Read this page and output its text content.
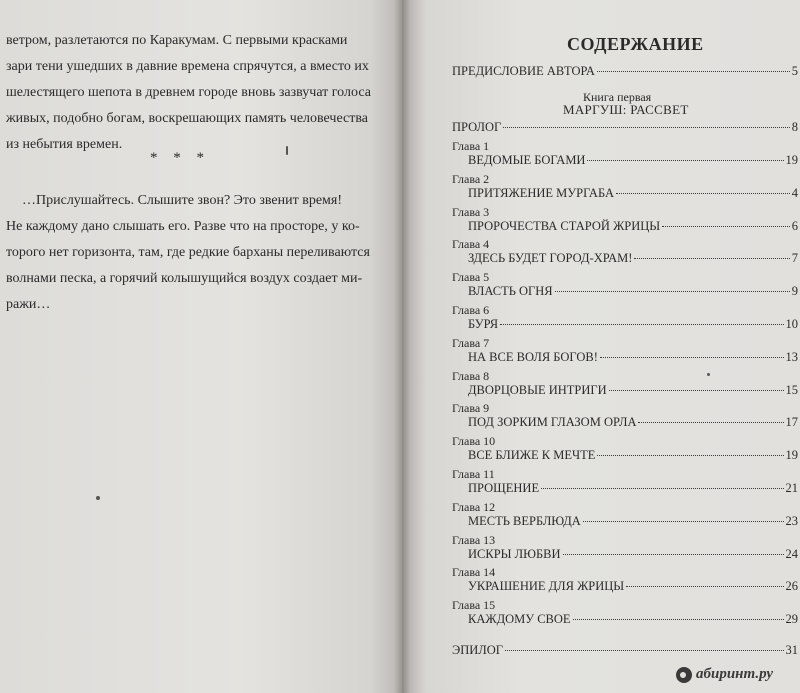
ветром, разлетаются по Каракумам. С первыми красками

зари тени ушедших в давние времена спрячутся, а вместо их

шелестящего шепота в древнем городе вновь зазвучат голоса

живых, подобно богам, воскрешающих память человечества

из небытия времен.

* * *

…Прислушайтесь. Слышите звон? Это звенит время!

Не каждому дано слышать его. Разве что на просторе, у ко-

торого нет горизонта, там, где редкие барханы переливаются

волнами песка, а горячий колышущийся воздух создает ми-

ражи…

СОДЕРЖАНИЕ
ПРЕДИСЛОВИЕ АВТОРА	5
Книга первая
МАРГУШ: РАССВЕТ
ПРОЛОГ	8
Глава 1
ВЕДОМЫЕ БОГАМИ	19
Глава 2
ПРИТЯЖЕНИЕ МУРГАБА	4
Глава 3
ПРОРОЧЕСТВА СТАРОЙ ЖРИЦЫ	6
Глава 4
ЗДЕСЬ БУДЕТ ГОРОД-ХРАМ!	7
Глава 5
ВЛАСТЬ ОГНЯ	9
Глава 6
БУРЯ	10
Глава 7
НА ВСЕ ВОЛЯ БОГОВ!	13
Глава 8
ДВОРЦОВЫЕ ИНТРИГИ	15
Глава 9
ПОД ЗОРКИМ ГЛАЗОМ ОРЛА	17
Глава 10
ВСЕ БЛИЖЕ К МЕЧТЕ	19
Глава 11
ПРОЩЕНИЕ	21
Глава 12
МЕСТЬ ВЕРБЛЮДА	23
Глава 13
ИСКРЫ ЛЮБВИ	24
Глава 14
УКРАШЕНИЕ ДЛЯ ЖРИЦЫ	26
Глава 15
КАЖДОМУ СВОЕ	29
ЭПИЛОГ	31
абиринт.ру
